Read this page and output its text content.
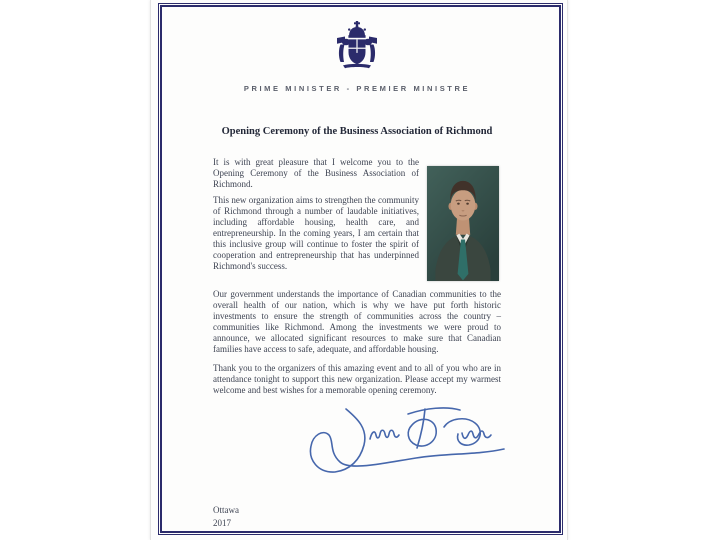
PRIME MINISTER - PREMIER MINISTRE
Opening Ceremony of the Business Association of Richmond
It is with great pleasure that I welcome you to the Opening Ceremony of the Business Association of Richmond.
This new organization aims to strengthen the community of Richmond through a number of laudable initiatives, including affordable housing, health care, and entrepreneurship. In the coming years, I am certain that this inclusive group will continue to foster the spirit of cooperation and entrepreneurship that has underpinned Richmond's success.
Our government understands the importance of Canadian communities to the overall health of our nation, which is why we have put forth historic investments to ensure the strength of communities across the country – communities like Richmond. Among the investments we were proud to announce, we allocated significant resources to make sure that Canadian families have access to safe, adequate, and affordable housing.
Thank you to the organizers of this amazing event and to all of you who are in attendance tonight to support this new organization. Please accept my warmest welcome and best wishes for a memorable opening ceremony.
Ottawa
2017
